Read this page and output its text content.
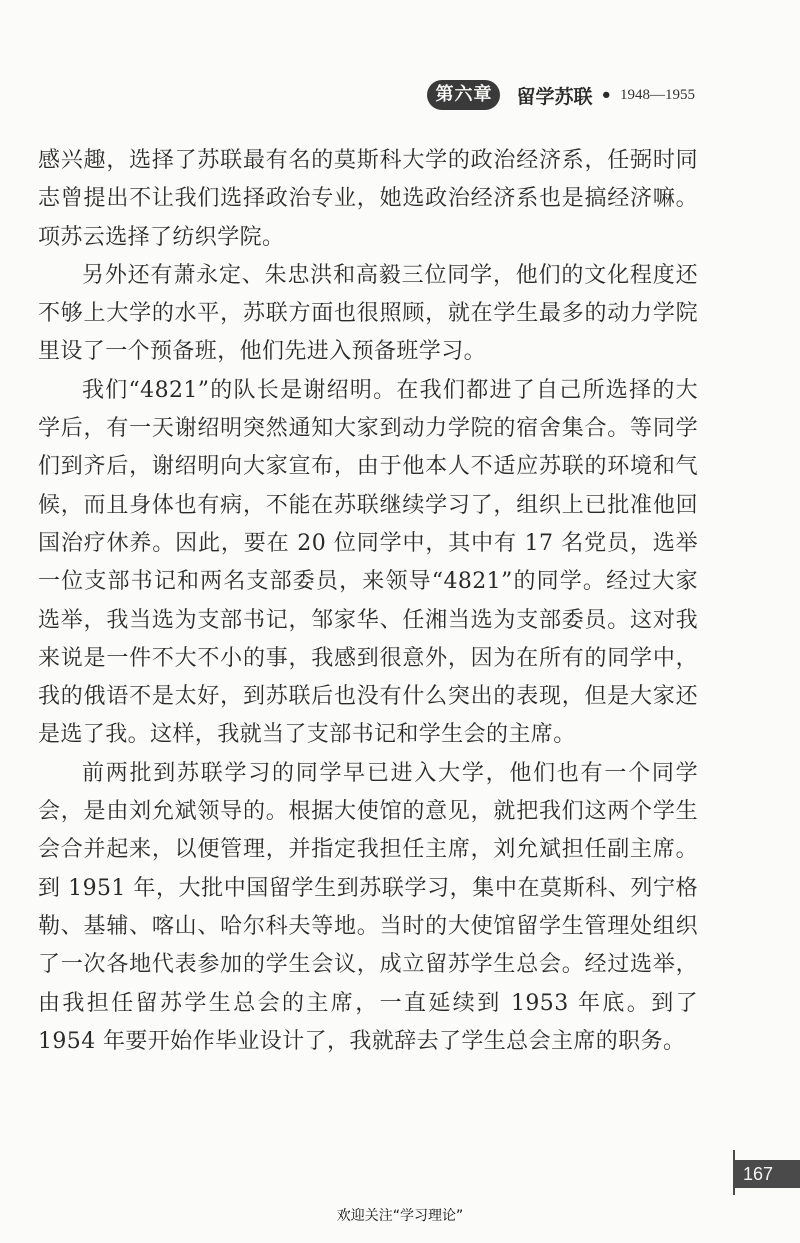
第六章	留学苏联 • 1948—1955

感兴趣，选择了苏联最有名的莫斯科大学的政治经济系，任弼时同志曾提出不让我们选择政治专业，她选政治经济系也是搞经济嘛。项苏云选择了纺织学院。

另外还有萧永定、朱忠洪和高毅三位同学，他们的文化程度还不够上大学的水平，苏联方面也很照顾，就在学生最多的动力学院里设了一个预备班，他们先进入预备班学习。

我们“4821”的队长是谢绍明。在我们都进了自己所选择的大学后，有一天谢绍明突然通知大家到动力学院的宿舍集合。等同学们到齐后，谢绍明向大家宣布，由于他本人不适应苏联的环境和气候，而且身体也有病，不能在苏联继续学习了，组织上已批准他回国治疗休养。因此，要在 20 位同学中，其中有 17 名党员，选举一位支部书记和两名支部委员，来领导“4821”的同学。经过大家选举，我当选为支部书记，邹家华、任湘当选为支部委员。这对我来说是一件不大不小的事，我感到很意外，因为在所有的同学中，我的俄语不是太好，到苏联后也没有什么突出的表现，但是大家还是选了我。这样，我就当了支部书记和学生会的主席。

前两批到苏联学习的同学早已进入大学，他们也有一个同学会，是由刘允斌领导的。根据大使馆的意见，就把我们这两个学生会合并起来，以便管理，并指定我担任主席，刘允斌担任副主席。到 1951 年，大批中国留学生到苏联学习，集中在莫斯科、列宁格勒、基辅、喀山、哈尔科夫等地。当时的大使馆留学生管理处组织了一次各地代表参加的学生会议，成立留苏学生总会。经过选举，由我担任留苏学生总会的主席，一直延续到 1953 年底。到了 1954 年要开始作毕业设计了，我就辞去了学生总会主席的职务。

167
欢迎关注“学习理论”
